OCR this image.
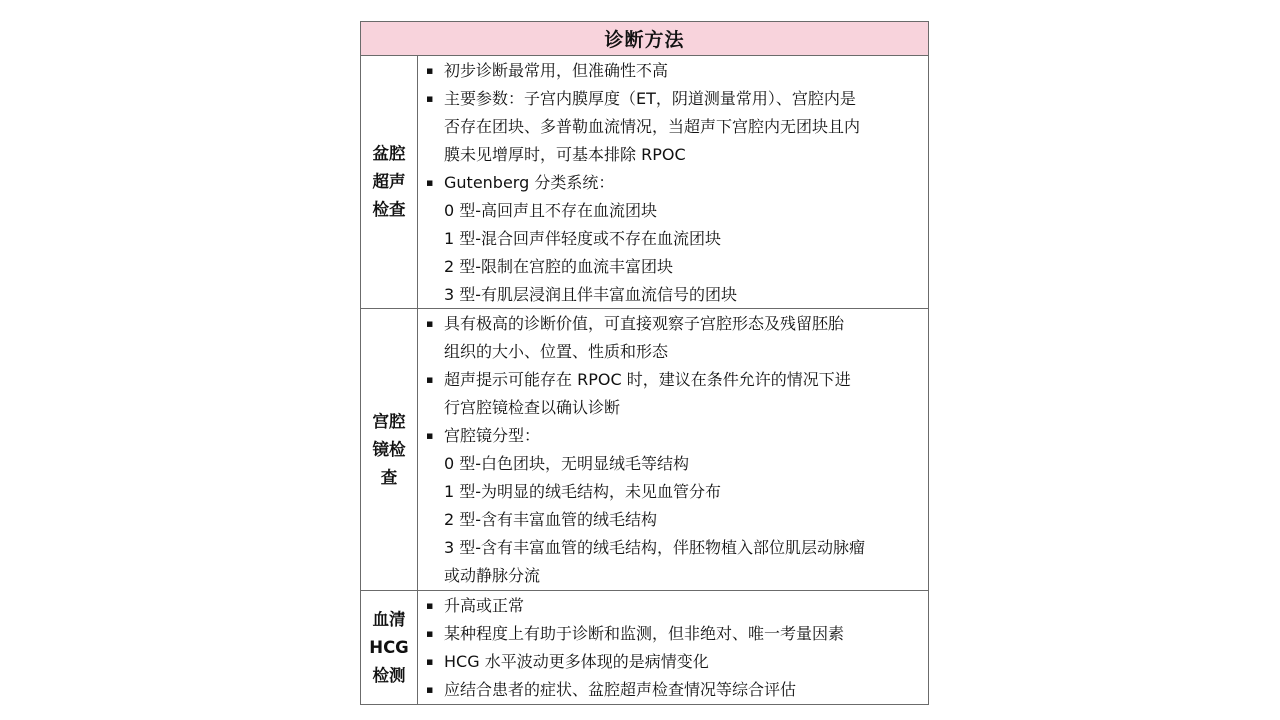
诊断方法
盆腔
超声
检查
▪ 初步诊断最常用，但准确性不高
▪ 主要参数：子宫内膜厚度（ET，阴道测量常用）、宫腔内是
否存在团块、多普勒血流情况，当超声下宫腔内无团块且内
膜未见增厚时，可基本排除 RPOC
▪ Gutenberg 分类系统：
0 型-高回声且不存在血流团块
1 型-混合回声伴轻度或不存在血流团块
2 型-限制在宫腔的血流丰富团块
3 型-有肌层浸润且伴丰富血流信号的团块
宫腔
镜检
查
▪ 具有极高的诊断价值，可直接观察子宫腔形态及残留胚胎
组织的大小、位置、性质和形态
▪ 超声提示可能存在 RPOC 时，建议在条件允许的情况下进
行宫腔镜检查以确认诊断
▪ 宫腔镜分型：
0 型-白色团块，无明显绒毛等结构
1 型-为明显的绒毛结构，未见血管分布
2 型-含有丰富血管的绒毛结构
3 型-含有丰富血管的绒毛结构，伴胚物植入部位肌层动脉瘤
或动静脉分流
血清
HCG
检测
▪ 升高或正常
▪ 某种程度上有助于诊断和监测，但非绝对、唯一考量因素
▪ HCG 水平波动更多体现的是病情变化
▪ 应结合患者的症状、盆腔超声检查情况等综合评估
